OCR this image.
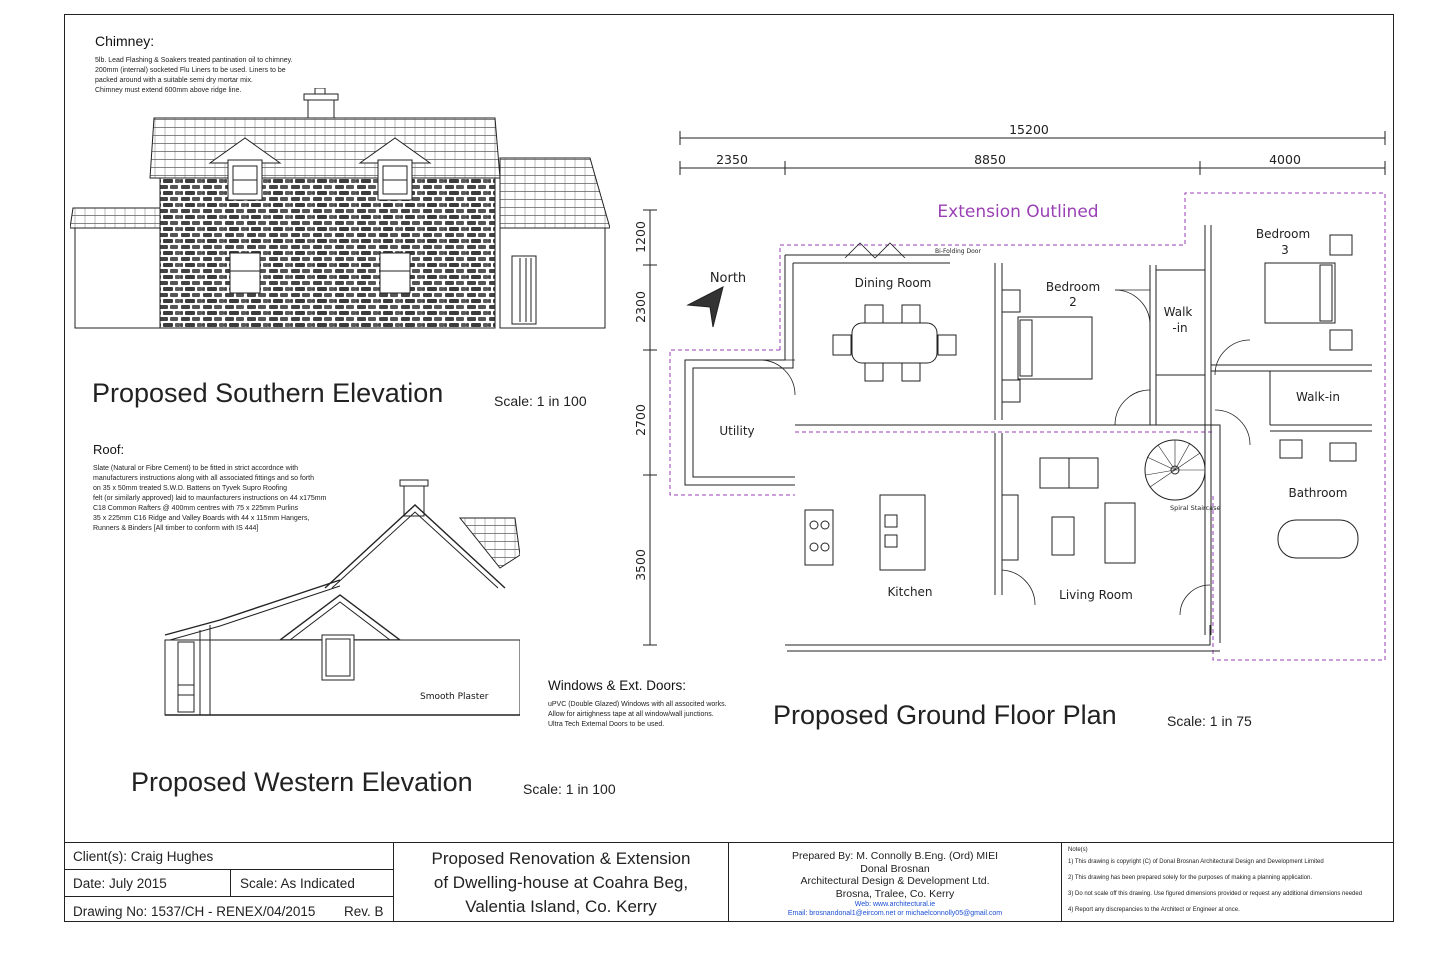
Chimney:
5lb. Lead Flashing & Soakers treated pantination oil to chimney.
200mm (internal) socketed Flu Liners to be used. Liners to be
packed around with a suitable semi dry mortar mix.
Chimney must extend 600mm above ridge line.
Proposed Southern Elevation	Scale: 1 in 100
Roof:
Slate (Natural or Fibre Cement) to be fitted in strict accordnce with
manufacturers instructions along with all associated fittings and so forth
on 35 x 50mm treated S.W.D. Battens on Tyvek Supro Roofing
felt (or similarly approved) laid to maunfacturers instructions on 44 x175mm
C18 Common Rafters @ 400mm centres with 75 x 225mm Purlins
35 x 225mm C16 Ridge and Valley Boards with 44 x 115mm Hangers,
Runners & Binders [All timber to conform with IS 444]
Smooth Plaster
Proposed Western Elevation	Scale: 1 in 100
Windows & Ext. Doors:
uPVC (Double Glazed) Windows with all associted works.
Allow for airtighness tape at all window/wall junctions.
Ultra Tech External Doors to be used.
15200
2350	8850	4000
1200
2300
2700
3500
Extension Outlined
North
Bi-Folding Door
Spiral Staircase
Dining Room	Bedroom
2
Walk
-in
Bedroom
3
Walk-in
Utility
Bathroom
Kitchen	Living Room
Proposed Ground Floor Plan	Scale: 1 in 75
Client(s): Craig Hughes
Date: July 2015	Scale: As Indicated
Drawing No: 1537/CH - RENEX/04/2015 Rev. B
Proposed Renovation & Extension
of Dwelling-house at Coahra Beg,
Valentia Island, Co. Kerry
Prepared By: M. Connolly B.Eng. (Ord) MIEI
Donal Brosnan
Architectural Design & Development Ltd.
Brosna, Tralee, Co. Kerry
Web: www.architectural.ie
Email: brosnandonal1@eircom.net or michaelconnolly05@gmail.com
Note(s)
1) This drawing is copyright (C) of Donal Brosnan Architectural Design and Development Limited
2) This drawing has been prepared solely for the purposes of making a planning application.
3) Do not scale off this drawing. Use figured dimensions provided or request any additional dimensions needed
4) Report any discrepancies to the Architect or Engineer at once.
